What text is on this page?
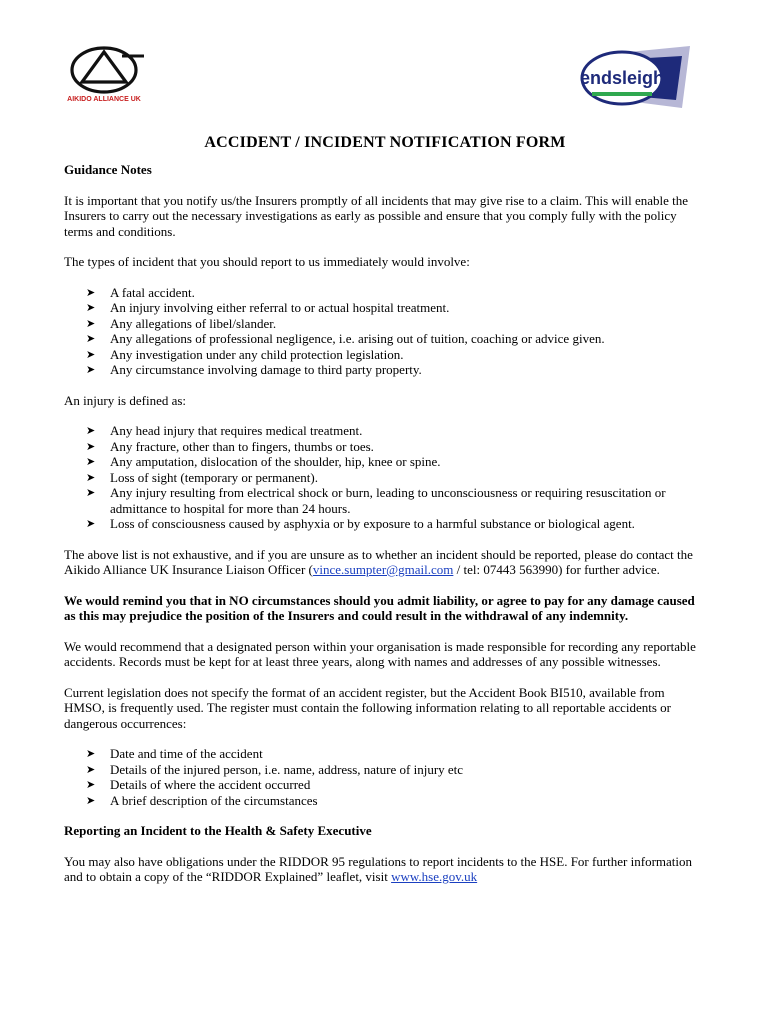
AIKIDO ALLIANCE UK
endsleigh
ACCIDENT / INCIDENT NOTIFICATION FORM

Guidance Notes

It is important that you notify us/the Insurers promptly of all incidents that may give rise to a claim. This will enable the Insurers to carry out the necessary investigations as early as possible and ensure that you comply fully with the policy terms and conditions.

The types of incident that you should report to us immediately would involve:

➤ A fatal accident.
➤ An injury involving either referral to or actual hospital treatment.
➤ Any allegations of libel/slander.
➤ Any allegations of professional negligence, i.e. arising out of tuition, coaching or advice given.
➤ Any investigation under any child protection legislation.
➤ Any circumstance involving damage to third party property.

An injury is defined as:

➤ Any head injury that requires medical treatment.
➤ Any fracture, other than to fingers, thumbs or toes.
➤ Any amputation, dislocation of the shoulder, hip, knee or spine.
➤ Loss of sight (temporary or permanent).
➤ Any injury resulting from electrical shock or burn, leading to unconsciousness or requiring resuscitation or admittance to hospital for more than 24 hours.
➤ Loss of consciousness caused by asphyxia or by exposure to a harmful substance or biological agent.

The above list is not exhaustive, and if you are unsure as to whether an incident should be reported, please do contact the Aikido Alliance UK Insurance Liaison Officer (vince.sumpter@gmail.com / tel: 07443 563990) for further advice.

We would remind you that in NO circumstances should you admit liability, or agree to pay for any damage caused as this may prejudice the position of the Insurers and could result in the withdrawal of any indemnity.

We would recommend that a designated person within your organisation is made responsible for recording any reportable accidents. Records must be kept for at least three years, along with names and addresses of any possible witnesses.

Current legislation does not specify the format of an accident register, but the Accident Book BI510, available from HMSO, is frequently used. The register must contain the following information relating to all reportable accidents or dangerous occurrences:

➤ Date and time of the accident
➤ Details of the injured person, i.e. name, address, nature of injury etc
➤ Details of where the accident occurred
➤ A brief description of the circumstances

Reporting an Incident to the Health & Safety Executive

You may also have obligations under the RIDDOR 95 regulations to report incidents to the HSE. For further information and to obtain a copy of the “RIDDOR Explained” leaflet, visit www.hse.gov.uk
